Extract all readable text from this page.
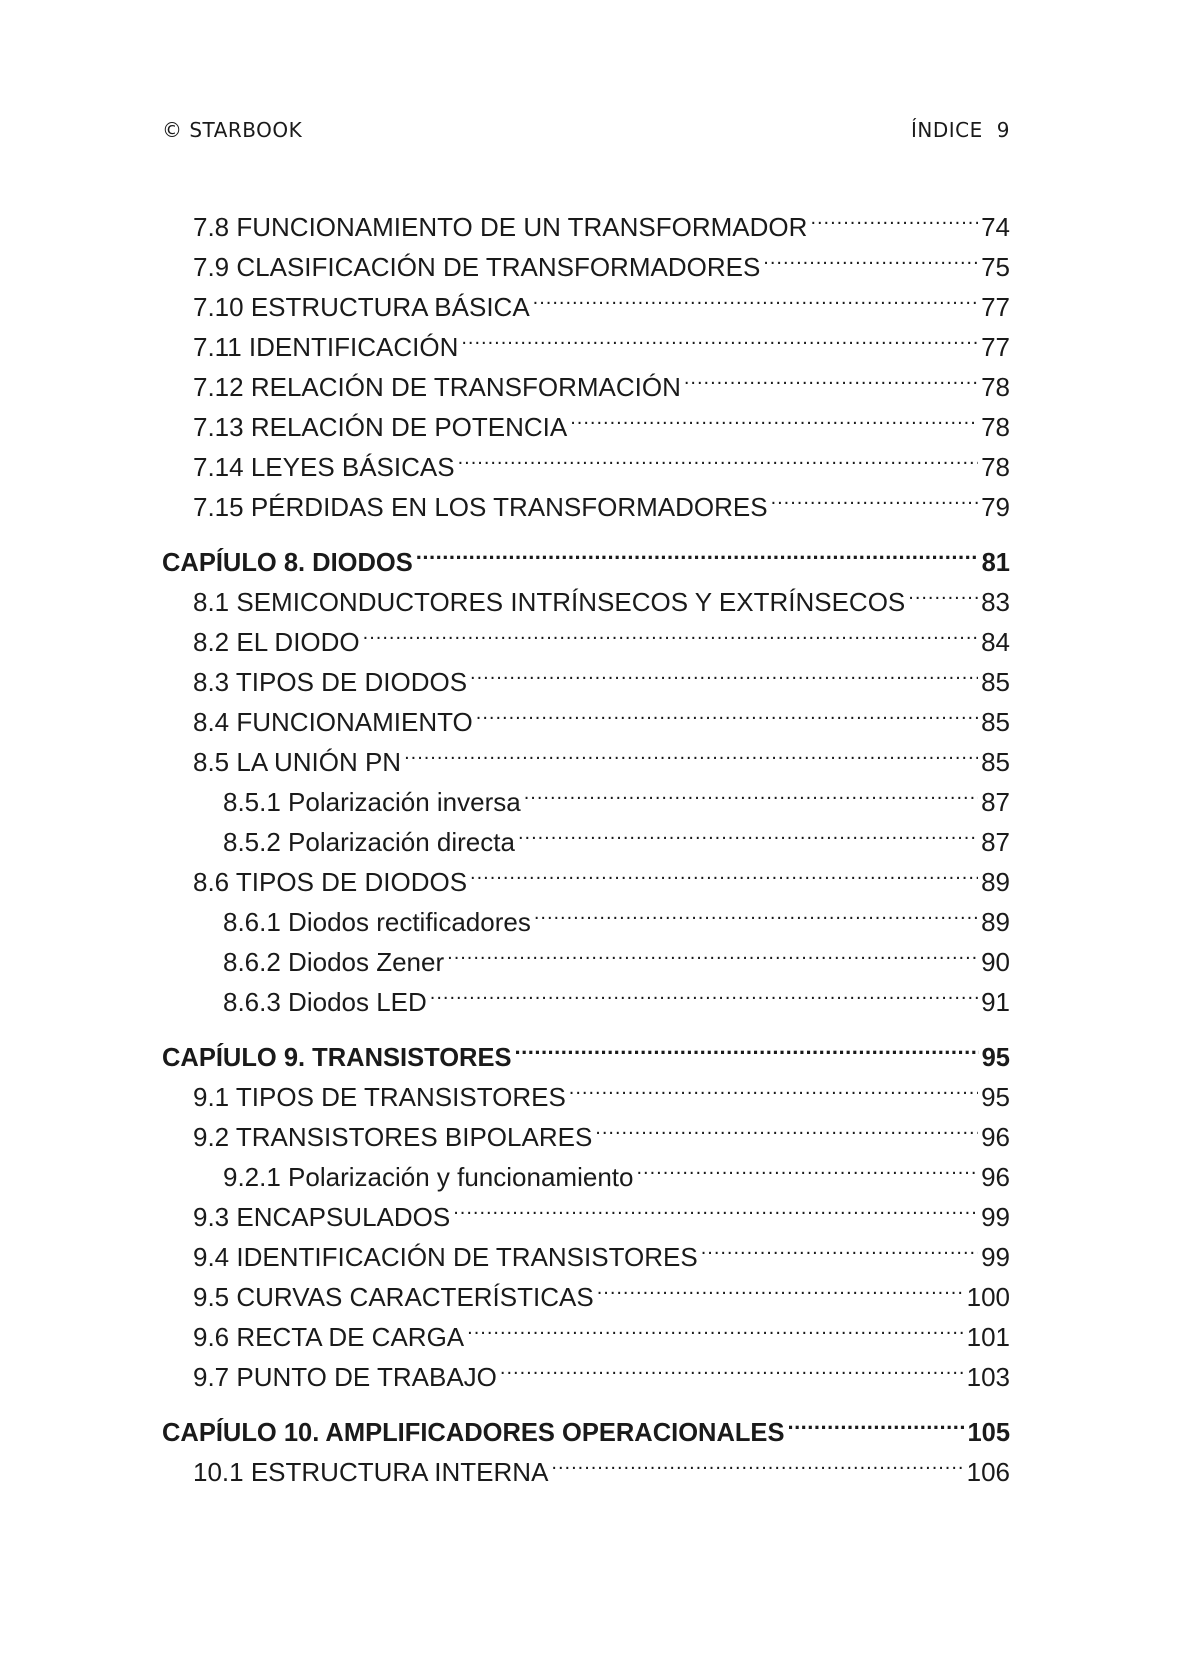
© STARBOOK	ÍNDICE 9
7.8 FUNCIONAMIENTO DE UN TRANSFORMADOR .....	74
7.9 CLASIFICACIÓN DE TRANSFORMADORES .....	75
7.10 ESTRUCTURA BÁSICA .....	77
7.11 IDENTIFICACIÓN .....	77
7.12 RELACIÓN DE TRANSFORMACIÓN .....	78
7.13 RELACIÓN DE POTENCIA .....	78
7.14 LEYES BÁSICAS .....	78
7.15 PÉRDIDAS EN LOS TRANSFORMADORES .....	79
CAPÍULO 8. DIODOS .....	81
8.1 SEMICONDUCTORES INTRÍNSECOS Y EXTRÍNSECOS .....	83
8.2 EL DIODO .....	84
8.3 TIPOS DE DIODOS .....	85
8.4 FUNCIONAMIENTO .....	85
8.5 LA UNIÓN PN .....	85
8.5.1 Polarización inversa .....	87
8.5.2 Polarización directa .....	87
8.6 TIPOS DE DIODOS .....	89
8.6.1 Diodos rectificadores .....	89
8.6.2 Diodos Zener .....	90
8.6.3 Diodos LED .....	91
CAPÍULO 9. TRANSISTORES .....	95
9.1 TIPOS DE TRANSISTORES .....	95
9.2 TRANSISTORES BIPOLARES .....	96
9.2.1 Polarización y funcionamiento .....	96
9.3 ENCAPSULADOS .....	99
9.4 IDENTIFICACIÓN DE TRANSISTORES .....	99
9.5 CURVAS CARACTERÍSTICAS .....	100
9.6 RECTA DE CARGA .....	101
9.7 PUNTO DE TRABAJO .....	103
CAPÍULO 10. AMPLIFICADORES OPERACIONALES .....	105
10.1 ESTRUCTURA INTERNA .....	106
